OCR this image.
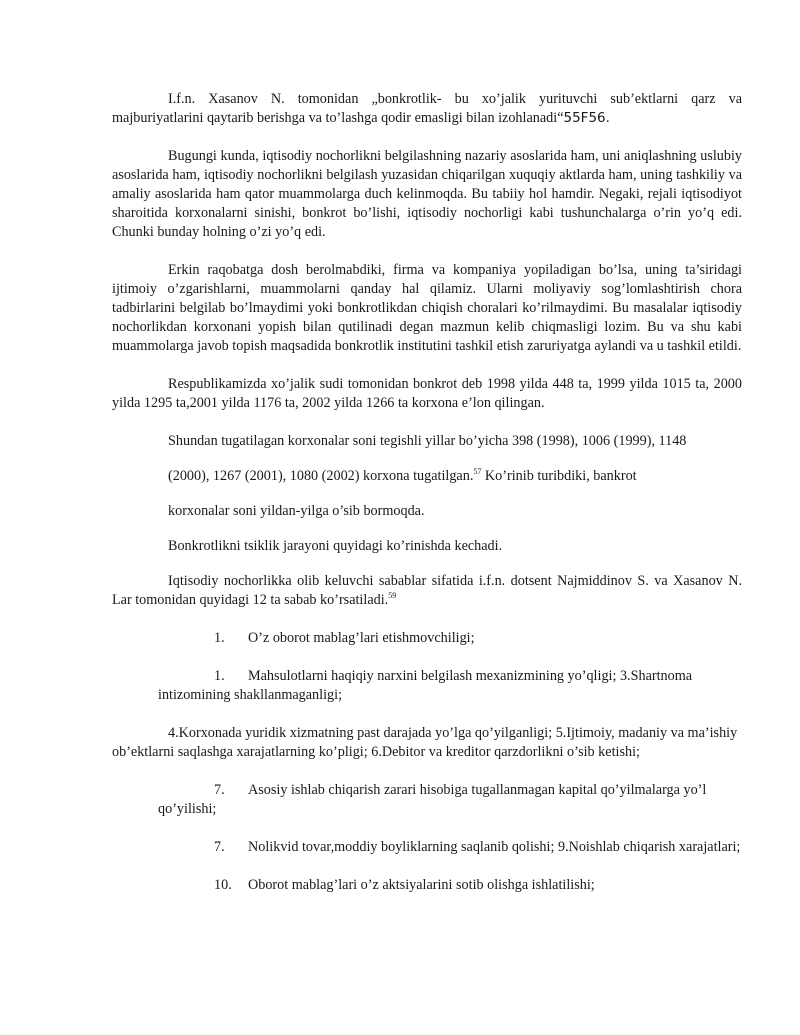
I.f.n. Xasanov N. tomonidan „bonkrotlik- bu xo’jalik yurituvchi sub’ektlarni qarz va majburiyatlarini qaytarib berishga va to’lashga qodir emasligi bilan izohlanadi“55F56.

Bugungi kunda, iqtisodiy nochorlikni belgilashning nazariy asoslarida ham, uni aniqlashning uslubiy asoslarida ham, iqtisodiy nochorlikni belgilash yuzasidan chiqarilgan xuquqiy aktlarda ham, uning tashkiliy va amaliy asoslarida ham qator muammolarga duch kelinmoqda. Bu tabiiy hol hamdir. Negaki, rejali iqtisodiyot sharoitida korxonalarni sinishi, bonkrot bo’lishi, iqtisodiy nochorligi kabi tushunchalarga o’rin yo’q edi. Chunki bunday holning o’zi yo’q edi.

Erkin raqobatga dosh berolmabdiki, firma va kompaniya yopiladigan bo’lsa, uning ta’siridagi ijtimoiy o’zgarishlarni, muammolarni qanday hal qilamiz. Ularni moliyaviy sog’lomlashtirish chora tadbirlarini belgilab bo’lmaydimi yoki bonkrotlikdan chiqish choralari ko’rilmaydimi. Bu masalalar iqtisodiy nochorlikdan korxonani yopish bilan qutilinadi degan mazmun kelib chiqmasligi lozim. Bu va shu kabi muammolarga javob topish maqsadida bonkrotlik institutini tashkil etish zaruriyatga aylandi va u tashkil etildi.

Respublikamizda xo’jalik sudi tomonidan bonkrot deb 1998 yilda 448 ta, 1999 yilda 1015 ta, 2000 yilda 1295 ta,2001 yilda 1176 ta, 2002 yilda 1266 ta korxona e’lon qilingan.

Shundan tugatilagan korxonalar soni tegishli yillar bo’yicha 398 (1998), 1006 (1999), 1148

(2000), 1267 (2001), 1080 (2002) korxona tugatilgan.$^{57}$ Ko’rinib turibdiki, bankrot

korxonalar soni yildan-yilga o’sib bormoqda.

Bonkrotlikni tsiklik jarayoni quyidagi ko’rinishda kechadi.

Iqtisodiy nochorlikka olib keluvchi sabablar sifatida i.f.n. dotsent Najmiddinov S. va Xasanov N. Lar tomonidan quyidagi 12 ta sabab ko’rsatiladi.$^{59}$

1.	O’z oborot mablag’lari etishmovchiligi;

1. Mahsulotlarni haqiqiy narxini belgilash mexanizmining yo’qligi; 3.Shartnoma intizomining shakllanmaganligi;

4.Korxonada yuridik xizmatning past darajada yo’lga qo’yilganligi; 5.Ijtimoiy, madaniy va ma’ishiy ob’ektlarni saqlashga xarajatlarning ko’pligi; 6.Debitor va kreditor qarzdorlikni o’sib ketishi;

7. Asosiy ishlab chiqarish zarari hisobiga tugallanmagan kapital qo’yilmalarga yo’l qo’yilishi;

7. Nolikvid tovar,moddiy boyliklarning saqlanib qolishi; 9.Noishlab chiqarish xarajatlari;

10.	Oborot mablag’lari o’z aktsiyalarini sotib olishga ishlatilishi;
